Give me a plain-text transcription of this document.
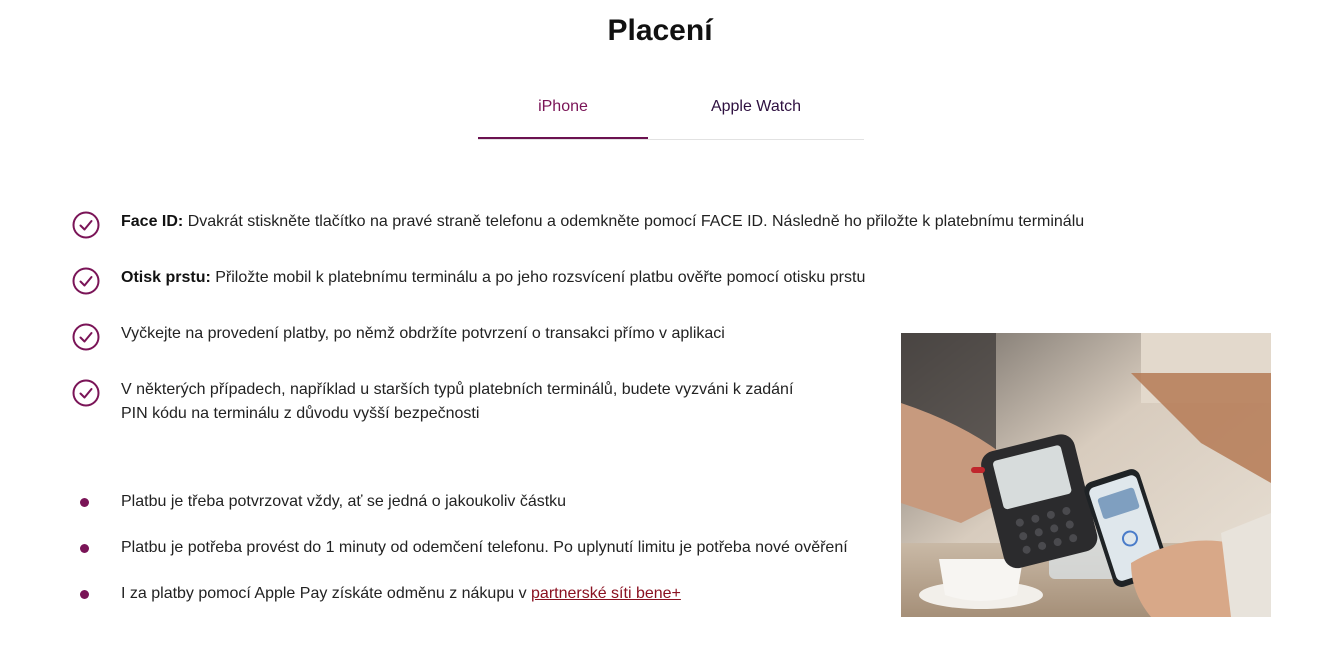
Placení
iPhone	Apple Watch
Face ID: Dvakrát stiskněte tlačítko na pravé straně telefonu a odemkněte pomocí FACE ID. Následně ho přiložte k platebnímu terminálu
Otisk prstu: Přiložte mobil k platebnímu terminálu a po jeho rozsvícení platbu ověřte pomocí otisku prstu
Vyčkejte na provedení platby, po němž obdržíte potvrzení o transakci přímo v aplikaci
V některých případech, například u starších typů platebních terminálů, budete vyzváni k zadání
PIN kódu na terminálu z důvodu vyšší bezpečnosti
Platbu je třeba potvrzovat vždy, ať se jedná o jakoukoliv částku
Platbu je potřeba provést do 1 minuty od odemčení telefonu. Po uplynutí limitu je potřeba nové ověření
I za platby pomocí Apple Pay získáte odměnu z nákupu v partnerské síti bene+
